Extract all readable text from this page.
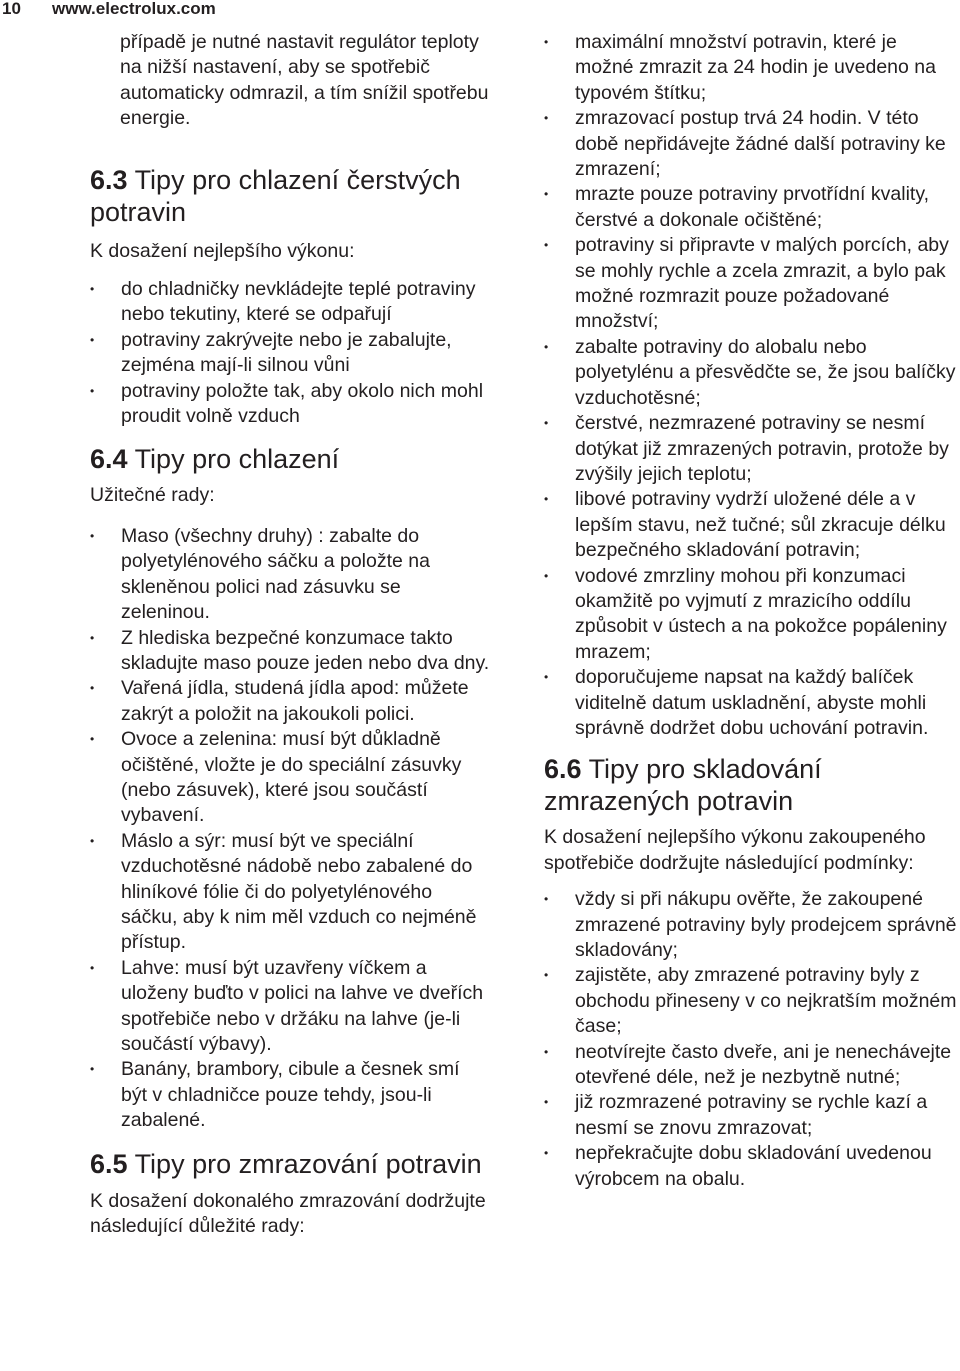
10 www.electrolux.com

případě je nutné nastavit regulátor teploty na nižší nastavení, aby se spotřebič automaticky odmrazil, a tím snížil spotřebu energie.

6.3 Tipy pro chlazení čerstvých potravin

K dosažení nejlepšího výkonu:

• do chladničky nevkládejte teplé potraviny nebo tekutiny, které se odpařují
• potraviny zakrývejte nebo je zabalujte, zejména mají-li silnou vůni
• potraviny položte tak, aby okolo nich mohl proudit volně vzduch
6.4 Tipy pro chlazení

Užitečné rady:

• Maso (všechny druhy) : zabalte do polyetylénového sáčku a položte na skleněnou polici nad zásuvku se zeleninou.
• Z hlediska bezpečné konzumace takto skladujte maso pouze jeden nebo dva dny.
• Vařená jídla, studená jídla apod: můžete zakrýt a položit na jakoukoli polici.
• Ovoce a zelenina: musí být důkladně očištěné, vložte je do speciální zásuvky (nebo zásuvek), které jsou součástí vybavení.
• Máslo a sýr: musí být ve speciální vzduchotěsné nádobě nebo zabalené do hliníkové fólie či do polyetylénového sáčku, aby k nim měl vzduch co nejméně přístup.
• Lahve: musí být uzavřeny víčkem a uloženy buďto v polici na lahve ve dveřích spotřebiče nebo v držáku na lahve (je-li součástí výbavy).
• Banány, brambory, cibule a česnek smí být v chladničce pouze tehdy, jsou-li zabalené.
6.5 Tipy pro zmrazování potravin

K dosažení dokonalého zmrazování dodržujte následující důležité rady:

• maximální množství potravin, které je možné zmrazit za 24 hodin je uvedeno na typovém štítku;
• zmrazovací postup trvá 24 hodin. V této době nepřidávejte žádné další potraviny ke zmrazení;
• mrazte pouze potraviny prvotřídní kvality, čerstvé a dokonale očištěné;
• potraviny si připravte v malých porcích, aby se mohly rychle a zcela zmrazit, a bylo pak možné rozmrazit pouze požadované množství;
• zabalte potraviny do alobalu nebo polyetylénu a přesvědčte se, že jsou balíčky vzduchotěsné;
• čerstvé, nezmrazené potraviny se nesmí dotýkat již zmrazených potravin, protože by zvýšily jejich teplotu;
• libové potraviny vydrží uložené déle a v lepším stavu, než tučné; sůl zkracuje délku bezpečného skladování potravin;
• vodové zmrzliny mohou při konzumaci okamžitě po vyjmutí z mrazicího oddílu způsobit v ústech a na pokožce popáleniny mrazem;
• doporučujeme napsat na každý balíček viditelně datum uskladnění, abyste mohli správně dodržet dobu uchování potravin.
6.6 Tipy pro skladování zmrazených potravin

K dosažení nejlepšího výkonu zakoupeného spotřebiče dodržujte následující podmínky:

• vždy si při nákupu ověřte, že zakoupené zmrazené potraviny byly prodejcem správně skladovány;
• zajistěte, aby zmrazené potraviny byly z obchodu přineseny v co nejkratším možném čase;
• neotvírejte často dveře, ani je nenechávejte otevřené déle, než je nezbytně nutné;
• již rozmrazené potraviny se rychle kazí a nesmí se znovu zmrazovat;
• nepřekračujte dobu skladování uvedenou výrobcem na obalu.
